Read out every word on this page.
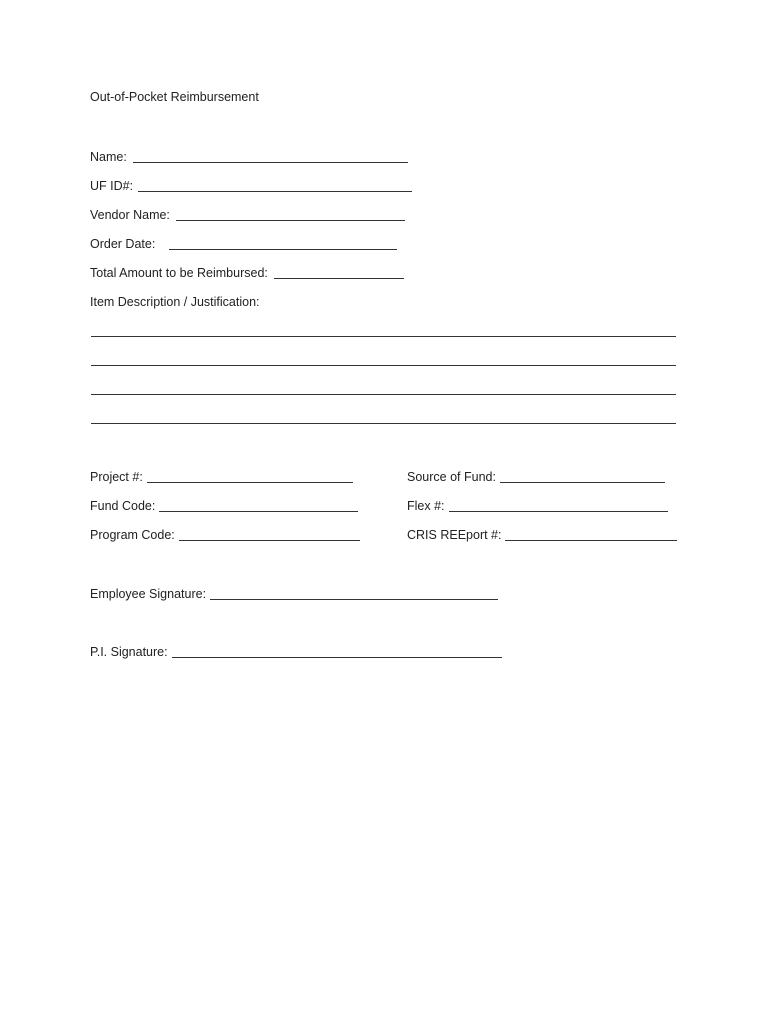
Out-of-Pocket Reimbursement
Name:
UF ID#:
Vendor Name:
Order Date:
Total Amount to be Reimbursed:
Item Description / Justification:
Project #:	Source of Fund:
Fund Code:	Flex #:
Program Code:	CRIS REEport #:
Employee Signature:
P.I. Signature:
